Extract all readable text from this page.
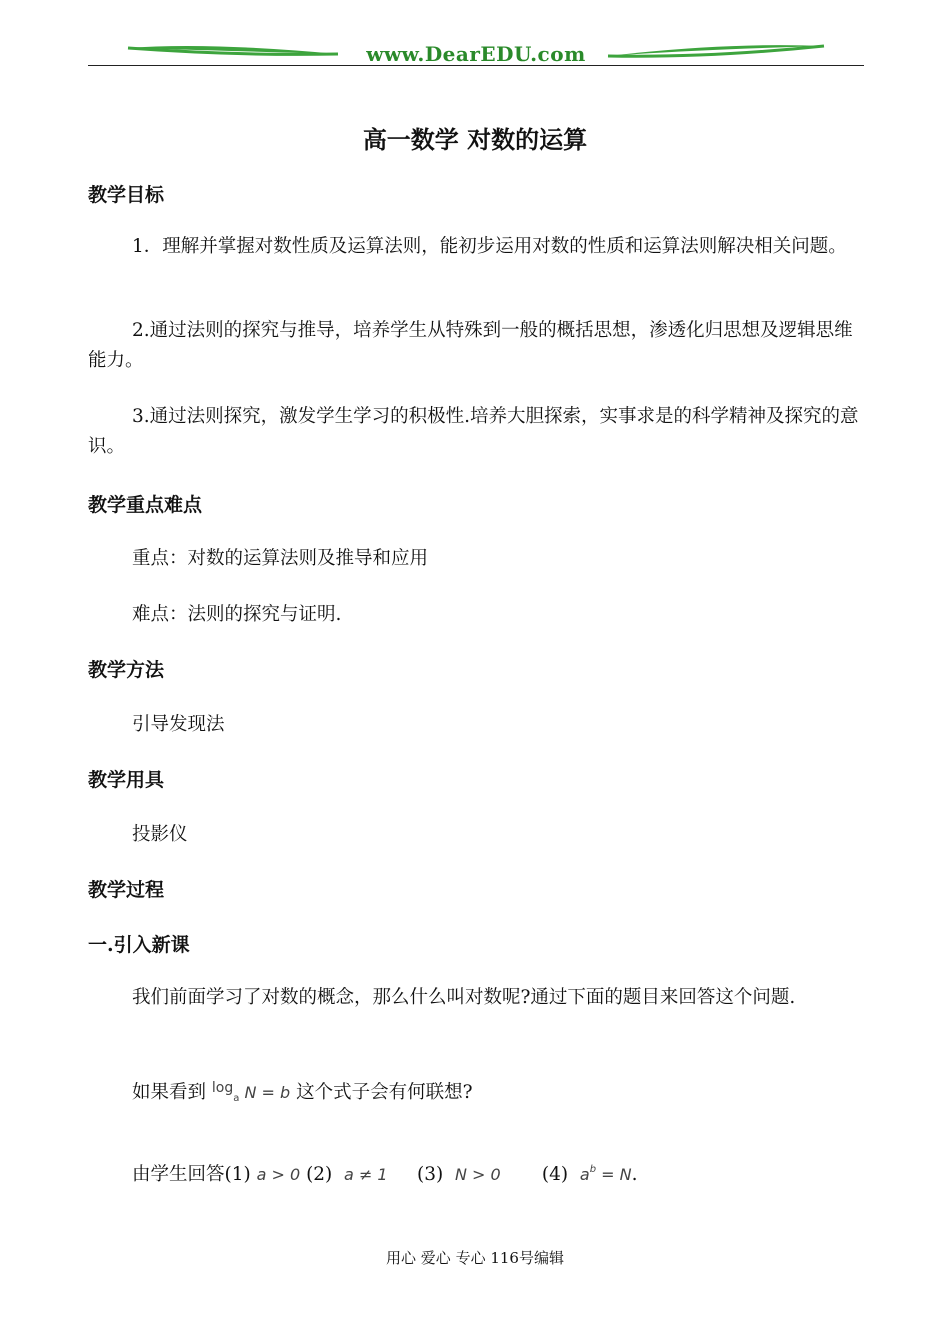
www.DearEDU.com
高一数学 对数的运算
教学目标
1．理解并掌握对数性质及运算法则，能初步运用对数的性质和运算法则解决相关问题。
2.通过法则的探究与推导，培养学生从特殊到一般的概括思想，渗透化归思想及逻辑思维能力。
3.通过法则探究，激发学生学习的积极性.培养大胆探索，实事求是的科学精神及探究的意识。
教学重点难点
重点：对数的运算法则及推导和应用
难点：法则的探究与证明.
教学方法
引导发现法
教学用具
投影仪
教学过程
一.引入新课
我们前面学习了对数的概念，那么什么叫对数呢?通过下面的题目来回答这个问题.
如果看到 $\log_a N = b$ 这个式子会有何联想?
由学生回答(1) a > 0 (2) a ≠ 1 (3) N > 0 (4) $a^b = N$.
用心 爱心 专心 116号编辑
